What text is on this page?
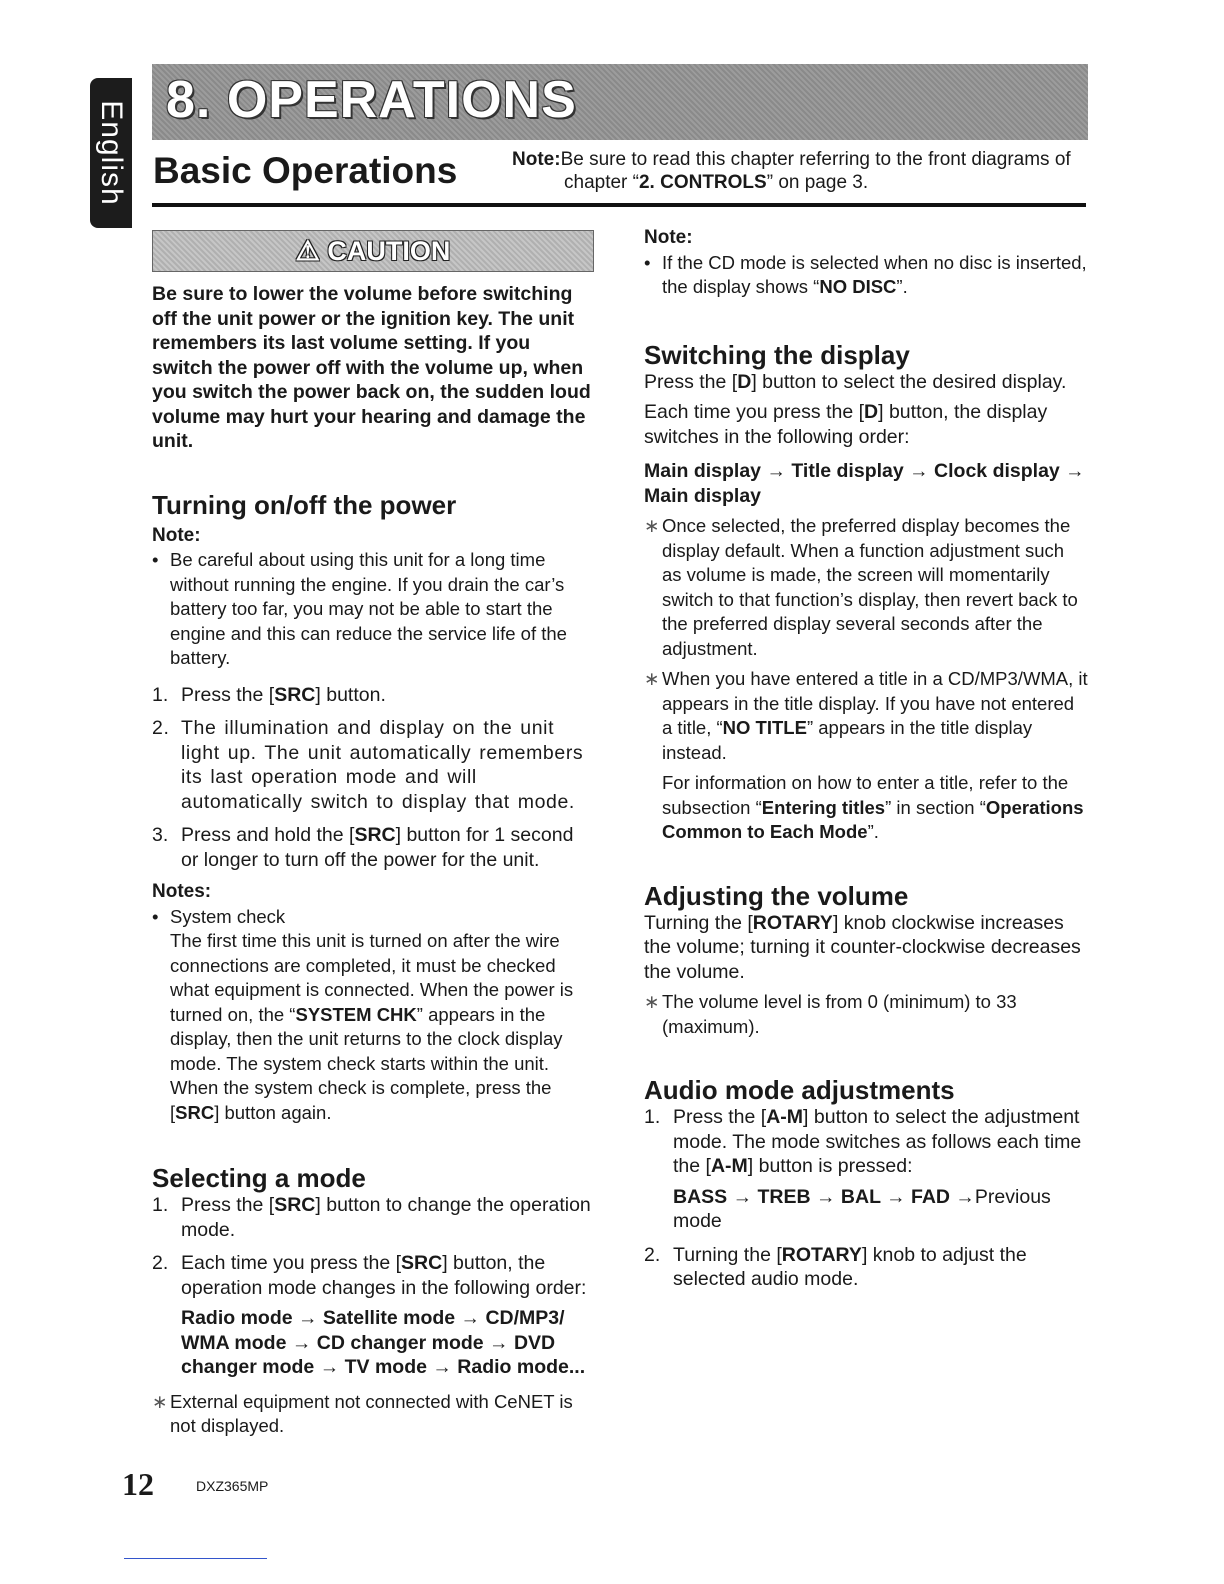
English
8. OPERATIONS
Basic Operations	Note:Be sure to read this chapter referring to the front diagrams of
chapter “2. CONTROLS” on page 3.
⚠ CAUTION

Be sure to lower the volume before switching off the unit power or the ignition key. The unit remembers its last volume setting. If you switch the power off with the volume up, when you switch the power back on, the sudden loud volume may hurt your hearing and damage the unit.

Turning on/off the power

Note:

• Be careful about using this unit for a long time without running the engine. If you drain the car’s battery too far, you may not be able to start the engine and this can reduce the service life of the battery.

1. Press the [SRC] button.

2. The illumination and display on the unit light up. The unit automatically remembers its last operation mode and will automatically switch to display that mode.

3. Press and hold the [SRC] button for 1 second or longer to turn off the power for the unit.

Notes:

• System check

The first time this unit is turned on after the wire connections are completed, it must be checked what equipment is connected. When the power is turned on, the “SYSTEM CHK” appears in the display, then the unit returns to the clock display mode. The system check starts within the unit. When the system check is complete, press the [SRC] button again.

Selecting a mode

1. Press the [SRC] button to change the operation mode.

2. Each time you press the [SRC] button, the operation mode changes in the following order:

Radio mode → Satellite mode → CD/MP3/ WMA mode → CD changer mode → DVD changer mode → TV mode → Radio mode...

∗ External equipment not connected with CeNET is not displayed.

Note:

• If the CD mode is selected when no disc is inserted, the display shows “NO DISC”.

Switching the display

Press the [D] button to select the desired display.

Each time you press the [D] button, the display switches in the following order:

Main display → Title display → Clock display → Main display

∗ Once selected, the preferred display becomes the display default. When a function adjustment such as volume is made, the screen will momentarily switch to that function’s display, then revert back to the preferred display several seconds after the adjustment.

∗ When you have entered a title in a CD/MP3/WMA, it appears in the title display. If you have not entered a title, “NO TITLE” appears in the title display instead.

For information on how to enter a title, refer to the subsection “Entering titles” in section “Operations Common to Each Mode”.

Adjusting the volume

Turning the [ROTARY] knob clockwise increases the volume; turning it counter-clockwise decreases the volume.

∗ The volume level is from 0 (minimum) to 33 (maximum).

Audio mode adjustments

1. Press the [A-M] button to select the adjustment mode. The mode switches as follows each time the [A-M] button is pressed:

BASS → TREB → BAL → FAD →Previous mode

2. Turning the [ROTARY] knob to adjust the selected audio mode.

12	DXZ365MP
